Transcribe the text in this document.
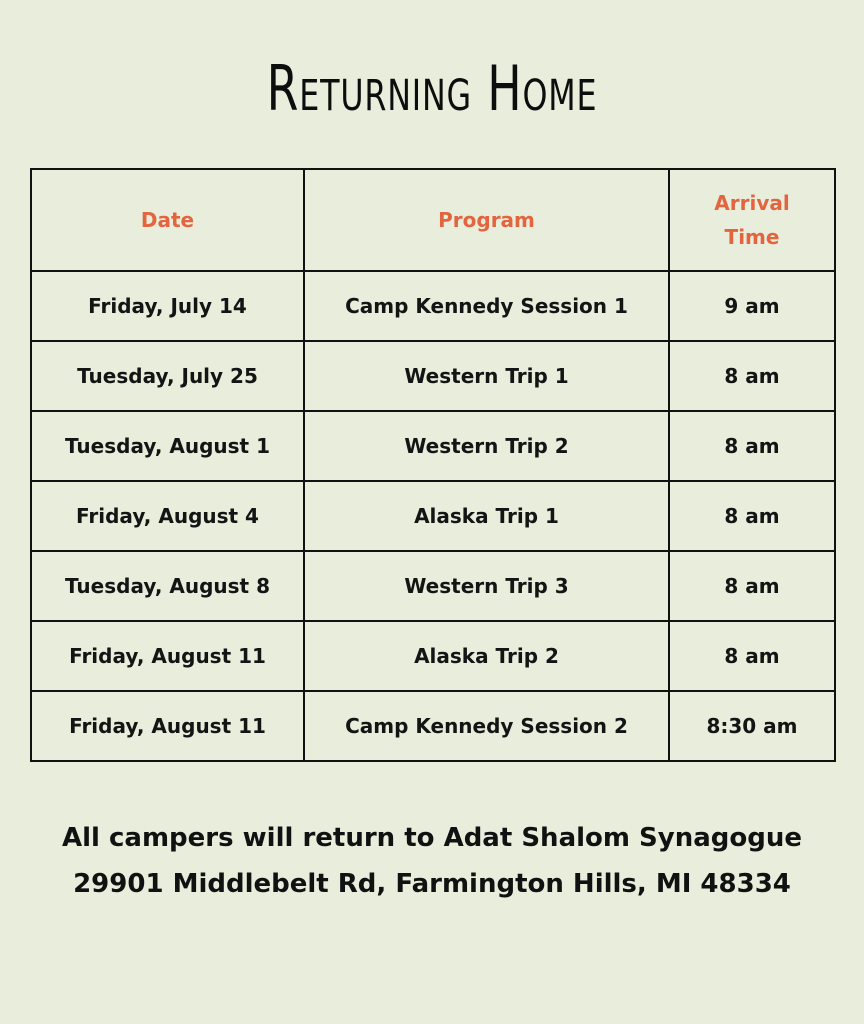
Returning Home
Date	Program	Arrival
Time

Friday, July 14	Camp Kennedy Session 1	9 am
Tuesday, July 25	Western Trip 1	8 am
Tuesday, August 1	Western Trip 2	8 am
Friday, August 4	Alaska Trip 1	8 am
Tuesday, August 8	Western Trip 3	8 am
Friday, August 11	Alaska Trip 2	8 am
Friday, August 11	Camp Kennedy Session 2	8:30 am
All campers will return to Adat Shalom Synagogue
29901 Middlebelt Rd, Farmington Hills, MI 48334
